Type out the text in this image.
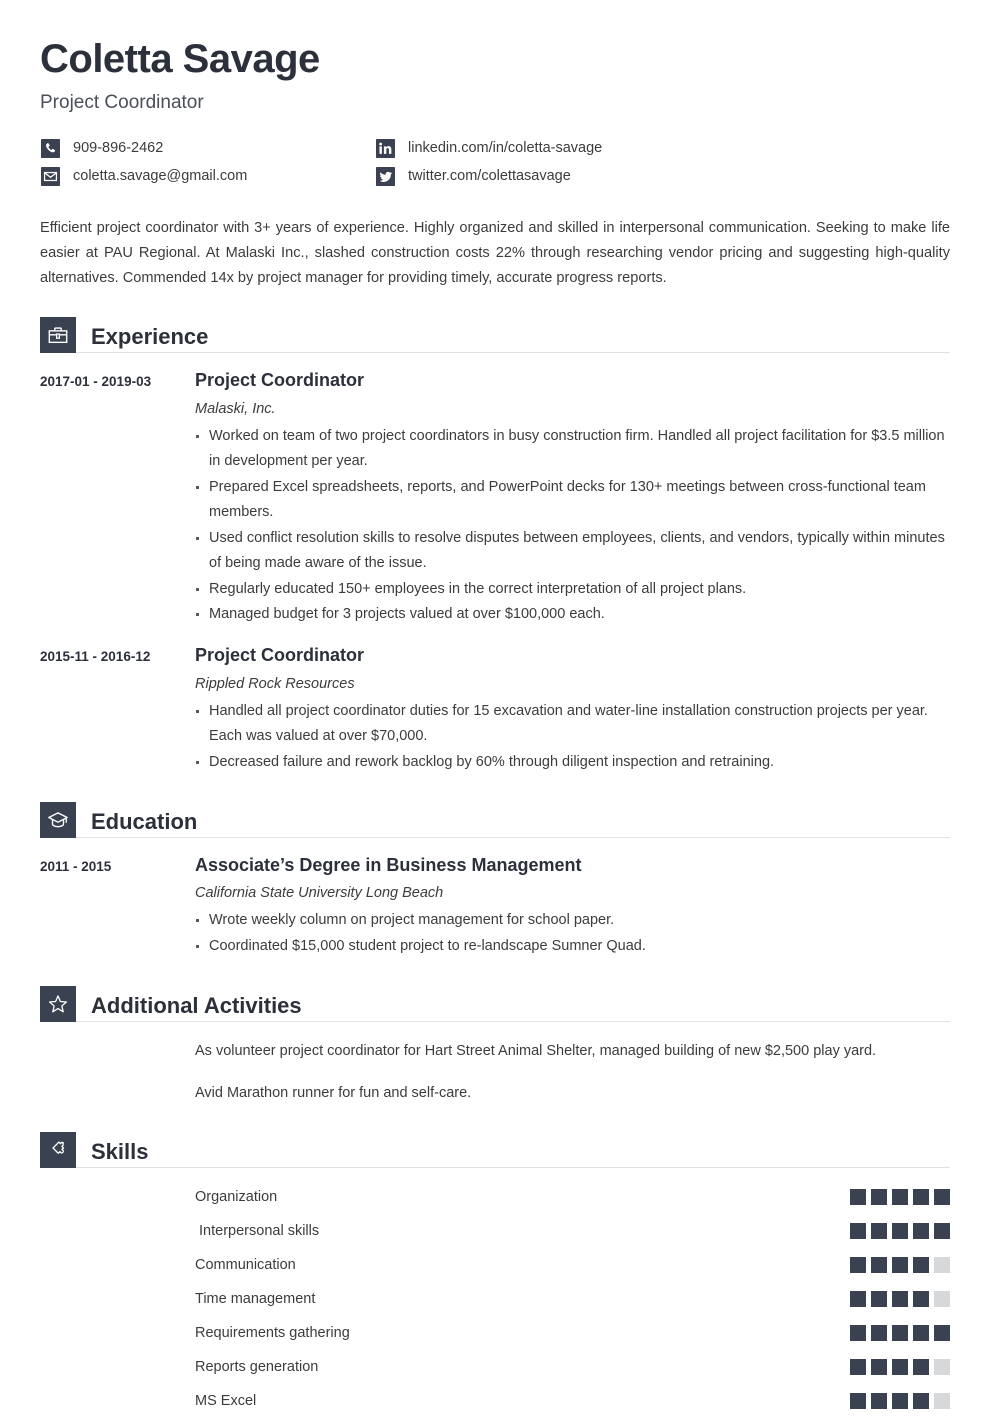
Coletta Savage
Project Coordinator
909-896-2462	linkedin.com/in/coletta-savage
coletta.savage@gmail.com	twitter.com/colettasavage

Efficient project coordinator with 3+ years of experience. Highly organized and skilled in interpersonal communication. Seeking to make life easier at PAU Regional. At Malaski Inc., slashed construction costs 22% through researching vendor pricing and suggesting high-quality alternatives. Commended 14x by project manager for providing timely, accurate progress reports.

Experience
2017-01 - 2019-03	Project Coordinator
Malaski, Inc.
Worked on team of two project coordinators in busy construction firm. Handled all project facilitation for $3.5 million in development per year.
Prepared Excel spreadsheets, reports, and PowerPoint decks for 130+ meetings between cross-functional team members.
Used conflict resolution skills to resolve disputes between employees, clients, and vendors, typically within minutes of being made aware of the issue.
Regularly educated 150+ employees in the correct interpretation of all project plans.
Managed budget for 3 projects valued at over $100,000 each.
2015-11 - 2016-12	Project Coordinator
Rippled Rock Resources
Handled all project coordinator duties for 15 excavation and water-line installation construction projects per year. Each was valued at over $70,000.
Decreased failure and rework backlog by 60% through diligent inspection and retraining.
Education
2011 - 2015	Associate’s Degree in Business Management
California State University Long Beach
Wrote weekly column on project management for school paper.
Coordinated $15,000 student project to re-landscape Sumner Quad.
Additional Activities

As volunteer project coordinator for Hart Street Animal Shelter, managed building of new $2,500 play yard.

Avid Marathon runner for fun and self-care.

Skills
Organization
Interpersonal skills
Communication
Time management
Requirements gathering
Reports generation
MS Excel
